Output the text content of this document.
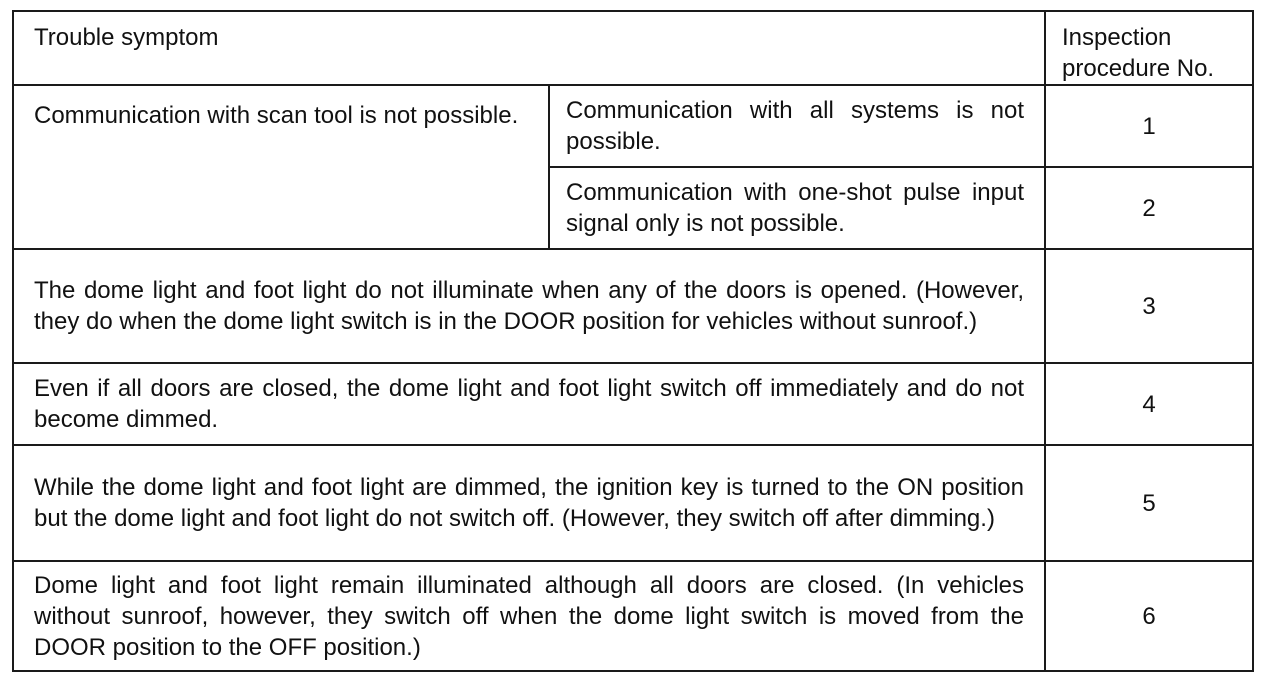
Trouble symptom		Inspection procedure No.
Communication with scan tool is not possible.	Communication with all systems is not possible.	1
	Communication with one-shot pulse input signal only is not possible.	2
The dome light and foot light do not illuminate when any of the doors is opened. (However, they do when the dome light switch is in the DOOR position for vehicles without sunroof.)		3
Even if all doors are closed, the dome light and foot light switch off immediately and do not become dimmed.		4
While the dome light and foot light are dimmed, the ignition key is turned to the ON position but the dome light and foot light do not switch off. (However, they switch off after dimming.)		5
Dome light and foot light remain illuminated although all doors are closed. (In vehicles without sunroof, however, they switch off when the dome light switch is moved from the DOOR position to the OFF position.)		6
